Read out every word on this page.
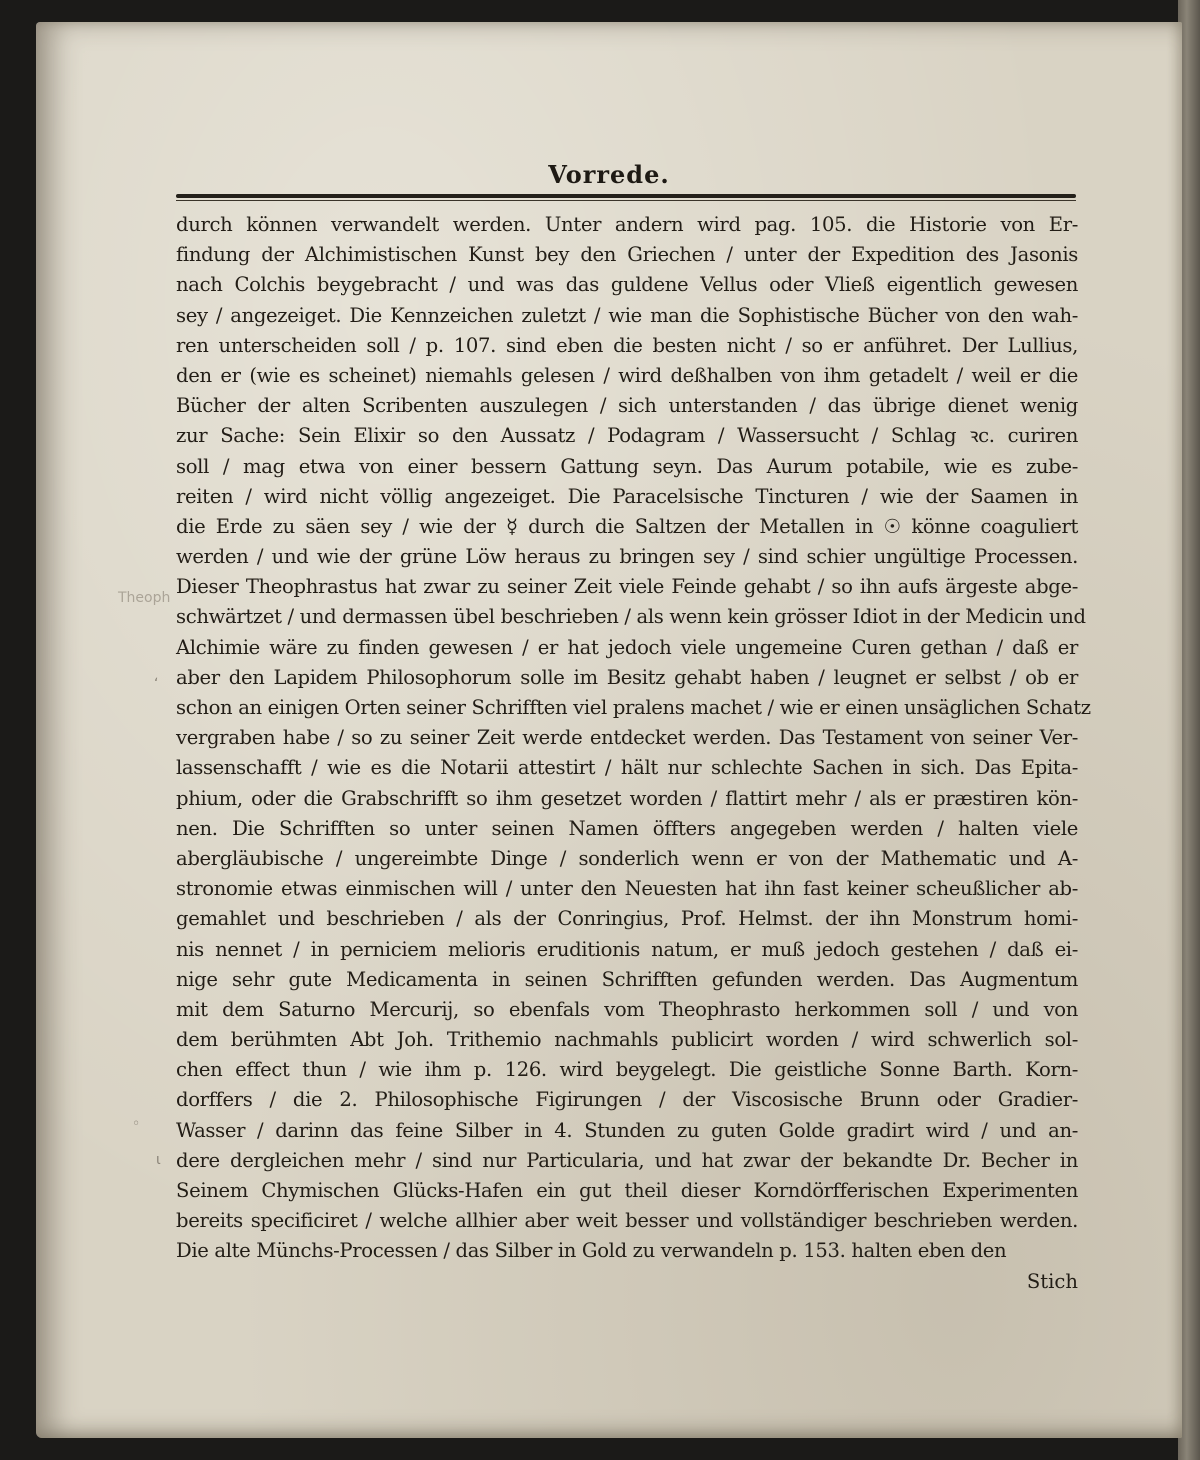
Vorrede.
Theoph
ʻ
◦
ι
durch können verwandelt werden. Unter andern wird pag. 105. die Historie von Er-
findung der Alchimistischen Kunst bey den Griechen / unter der Expedition des Jasonis
nach Colchis beygebracht / und was das guldene Vellus oder Vließ eigentlich gewesen
sey / angezeiget. Die Kennzeichen zuletzt / wie man die Sophistische Bücher von den wah-
ren unterscheiden soll / p. 107. sind eben die besten nicht / so er anführet. Der Lullius,
den er (wie es scheinet) niemahls gelesen / wird deßhalben von ihm getadelt / weil er die
Bücher der alten Scribenten auszulegen / sich unterstanden / das übrige dienet wenig
zur Sache: Sein Elixir so den Aussatz / Podagram / Wassersucht / Schlag ꝛc. curiren
soll / mag etwa von einer bessern Gattung seyn. Das Aurum potabile, wie es zube-
reiten / wird nicht völlig angezeiget. Die Paracelsische Tincturen / wie der Saamen in
die Erde zu säen sey / wie der ☿ durch die Saltzen der Metallen in ☉ könne coaguliert
werden / und wie der grüne Löw heraus zu bringen sey / sind schier ungültige Processen.
Dieser Theophrastus hat zwar zu seiner Zeit viele Feinde gehabt / so ihn aufs ärgeste abge-
schwärtzet / und dermassen übel beschrieben / als wenn kein grösser Idiot in der Medicin und
Alchimie wäre zu finden gewesen / er hat jedoch viele ungemeine Curen gethan / daß er
aber den Lapidem Philosophorum solle im Besitz gehabt haben / leugnet er selbst / ob er
schon an einigen Orten seiner Schrifften viel pralens machet / wie er einen unsäglichen Schatz
vergraben habe / so zu seiner Zeit werde entdecket werden. Das Testament von seiner Ver-
lassenschafft / wie es die Notarii attestirt / hält nur schlechte Sachen in sich. Das Epita-
phium, oder die Grabschrifft so ihm gesetzet worden / flattirt mehr / als er præstiren kön-
nen. Die Schrifften so unter seinen Namen öffters angegeben werden / halten viele
abergläubische / ungereimbte Dinge / sonderlich wenn er von der Mathematic und A-
stronomie etwas einmischen will / unter den Neuesten hat ihn fast keiner scheußlicher ab-
gemahlet und beschrieben / als der Conringius, Prof. Helmst. der ihn Monstrum homi-
nis nennet / in perniciem melioris eruditionis natum, er muß jedoch gestehen / daß ei-
nige sehr gute Medicamenta in seinen Schrifften gefunden werden. Das Augmentum
mit dem Saturno Mercurij, so ebenfals vom Theophrasto herkommen soll / und von
dem berühmten Abt Joh. Trithemio nachmahls publicirt worden / wird schwerlich sol-
chen effect thun / wie ihm p. 126. wird beygelegt. Die geistliche Sonne Barth. Korn-
dorffers / die 2. Philosophische Figirungen / der Viscosische Brunn oder Gradier-
Wasser / darinn das feine Silber in 4. Stunden zu guten Golde gradirt wird / und an-
dere dergleichen mehr / sind nur Particularia, und hat zwar der bekandte Dr. Becher in
Seinem Chymischen Glücks-Hafen ein gut theil dieser Korndörfferischen Experimenten
bereits specificiret / welche allhier aber weit besser und vollständiger beschrieben werden.
Die alte Münchs-Processen / das Silber in Gold zu verwandeln p. 153. halten eben den
Stich
